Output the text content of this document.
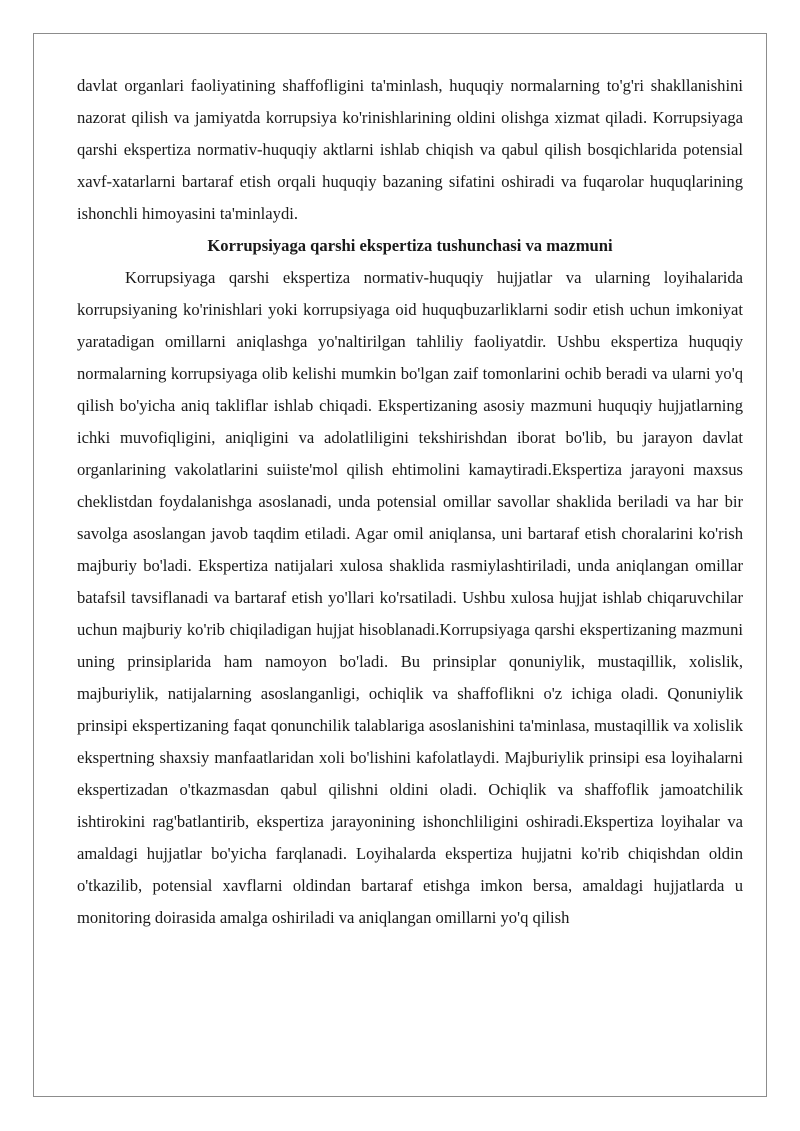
davlat organlari faoliyatining shaffofligini ta'minlash, huquqiy normalarning to'g'ri shakllanishini nazorat qilish va jamiyatda korrupsiya ko'rinishlarining oldini olishga xizmat qiladi. Korrupsiyaga qarshi ekspertiza normativ-huquqiy aktlarni ishlab chiqish va qabul qilish bosqichlarida potensial xavf-xatarlarni bartaraf etish orqali huquqiy bazaning sifatini oshiradi va fuqarolar huquqlarining ishonchli himoyasini ta'minlaydi.

Korrupsiyaga qarshi ekspertiza tushunchasi va mazmuni

Korrupsiyaga qarshi ekspertiza normativ-huquqiy hujjatlar va ularning loyihalarida korrupsiyaning ko'rinishlari yoki korrupsiyaga oid huquqbuzarliklarni sodir etish uchun imkoniyat yaratadigan omillarni aniqlashga yo'naltirilgan tahliliy faoliyatdir. Ushbu ekspertiza huquqiy normalarning korrupsiyaga olib kelishi mumkin bo'lgan zaif tomonlarini ochib beradi va ularni yo'q qilish bo'yicha aniq takliflar ishlab chiqadi. Ekspertizaning asosiy mazmuni huquqiy hujjatlarning ichki muvofiqligini, aniqligini va adolatliligini tekshirishdan iborat bo'lib, bu jarayon davlat organlarining vakolatlarini suiiste'mol qilish ehtimolini kamaytiradi.Ekspertiza jarayoni maxsus cheklistdan foydalanishga asoslanadi, unda potensial omillar savollar shaklida beriladi va har bir savolga asoslangan javob taqdim etiladi. Agar omil aniqlansa, uni bartaraf etish choralarini ko'rish majburiy bo'ladi. Ekspertiza natijalari xulosa shaklida rasmiylashtiriladi, unda aniqlangan omillar batafsil tavsiflanadi va bartaraf etish yo'llari ko'rsatiladi. Ushbu xulosa hujjat ishlab chiqaruvchilar uchun majburiy ko'rib chiqiladigan hujjat hisoblanadi.Korrupsiyaga qarshi ekspertizaning mazmuni uning prinsiplarida ham namoyon bo'ladi. Bu prinsiplar qonuniylik, mustaqillik, xolislik, majburiylik, natijalarning asoslanganligi, ochiqlik va shaffoflikni o'z ichiga oladi. Qonuniylik prinsipi ekspertizaning faqat qonunchilik talablariga asoslanishini ta'minlasa, mustaqillik va xolislik ekspertning shaxsiy manfaatlaridan xoli bo'lishini kafolatlaydi. Majburiylik prinsipi esa loyihalarni ekspertizadan o'tkazmasdan qabul qilishni oldini oladi. Ochiqlik va shaffoflik jamoatchilik ishtirokini rag'batlantirib, ekspertiza jarayonining ishonchliligini oshiradi.Ekspertiza loyihalar va amaldagi hujjatlar bo'yicha farqlanadi. Loyihalarda ekspertiza hujjatni ko'rib chiqishdan oldin o'tkazilib, potensial xavflarni oldindan bartaraf etishga imkon bersa, amaldagi hujjatlarda u monitoring doirasida amalga oshiriladi va aniqlangan omillarni yo'q qilish
